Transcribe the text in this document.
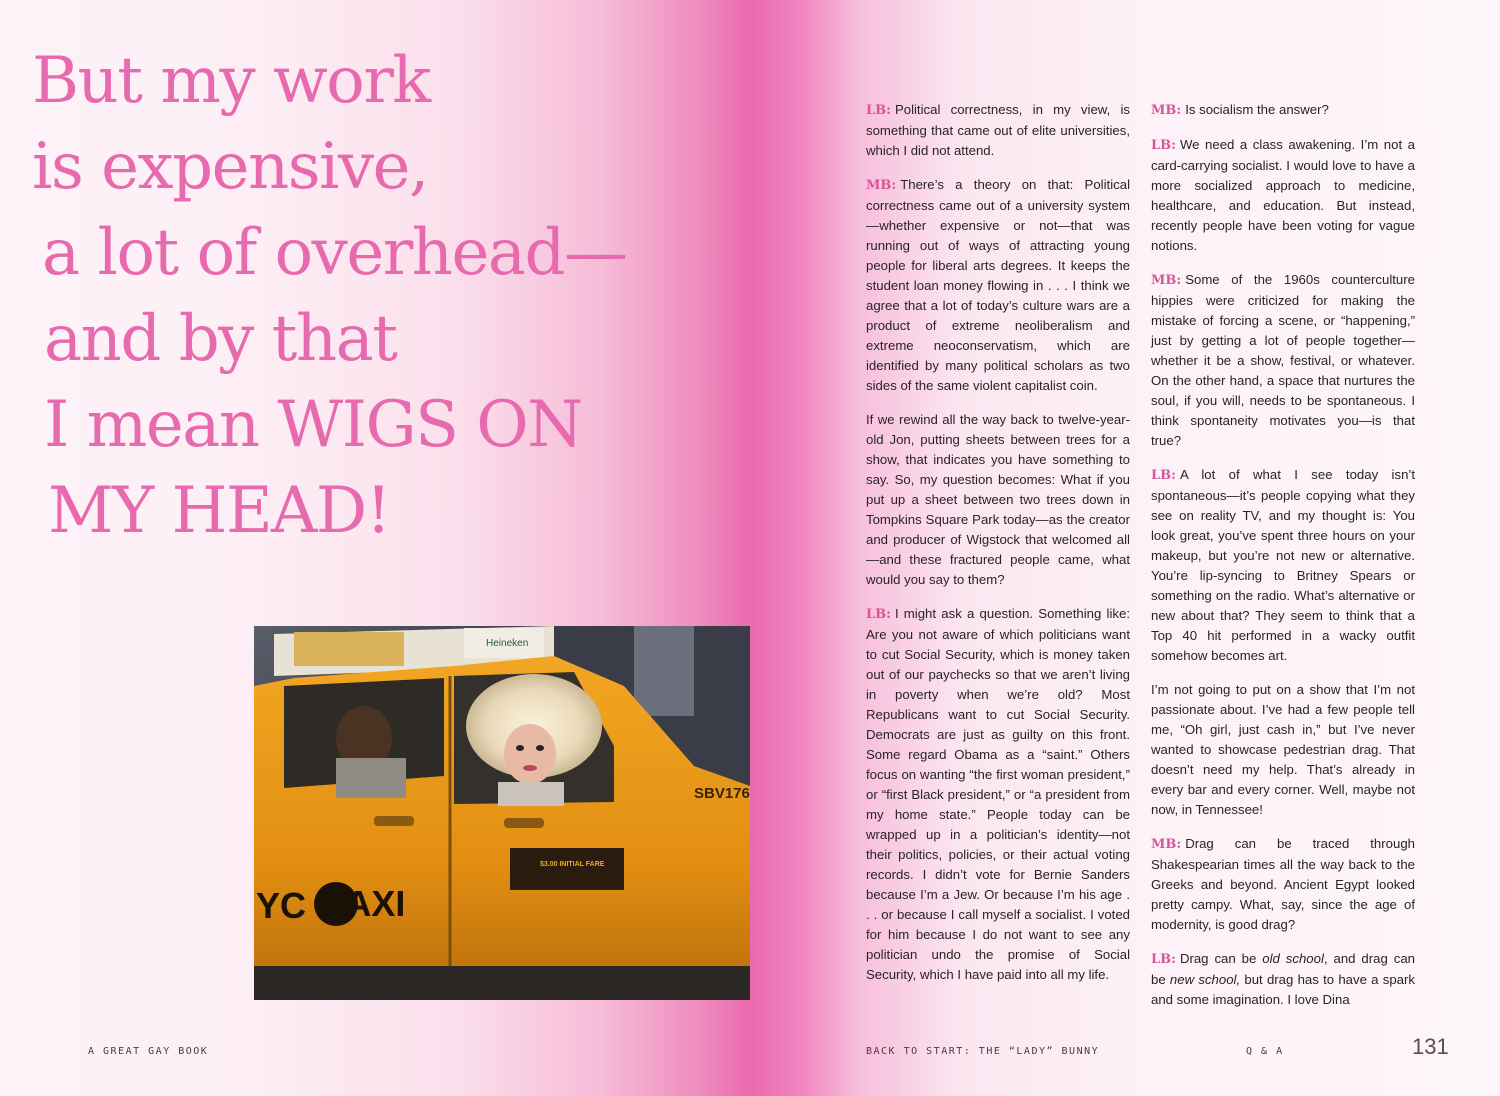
But my work
is expensive,
a lot of overhead—
and by that
I mean WIGS ON
MY HEAD!
Heineken
SBV176
$3.00 INITIAL FARE
YC TAXI

LB: Political correctness, in my view, is something that came out of elite universities, which I did not attend.

MB: There’s a theory on that: Political correctness came out of a university system—whether expensive or not—that was running out of ways of attracting young people for liberal arts degrees. It keeps the student loan money flowing in . . . I think we agree that a lot of today’s culture wars are a product of extreme neoliberalism and extreme neoconservatism, which are identified by many political scholars as two sides of the same violent capitalist coin.

If we rewind all the way back to twelve-year-old Jon, putting sheets between trees for a show, that indicates you have something to say. So, my question becomes: What if you put up a sheet between two trees down in Tompkins Square Park today—as the creator and producer of Wigstock that welcomed all—and these fractured people came, what would you say to them?

LB: I might ask a question. Something like: Are you not aware of which politicians want to cut Social Security, which is money taken out of our paychecks so that we aren’t living in poverty when we’re old? Most Republicans want to cut Social Security. Democrats are just as guilty on this front. Some regard Obama as a “saint.” Others focus on wanting “the first woman president,” or “first Black president,” or “a president from my home state.” People today can be wrapped up in a politician’s identity—not their politics, policies, or their actual voting records. I didn’t vote for Bernie Sanders because I’m a Jew. Or because I’m his age . . . or because I call myself a socialist. I voted for him because I do not want to see any politician undo the promise of Social Security, which I have paid into all my life.

MB: Is socialism the answer?

LB: We need a class awakening. I’m not a card-carrying socialist. I would love to have a more socialized approach to medicine, healthcare, and education. But instead, recently people have been voting for vague notions.

MB: Some of the 1960s counterculture hippies were criticized for making the mistake of forcing a scene, or “happening,” just by getting a lot of people together—whether it be a show, festival, or whatever. On the other hand, a space that nurtures the soul, if you will, needs to be spontaneous. I think spontaneity motivates you—is that true?

LB: A lot of what I see today isn’t spontaneous—it’s people copying what they see on reality TV, and my thought is: You look great, you’ve spent three hours on your makeup, but you’re not new or alternative. You’re lip-syncing to Britney Spears or something on the radio. What’s alternative or new about that? They seem to think that a Top 40 hit performed in a wacky outfit somehow becomes art.

I’m not going to put on a show that I’m not passionate about. I’ve had a few people tell me, “Oh girl, just cash in,” but I’ve never wanted to showcase pedestrian drag. That doesn’t need my help. That’s already in every bar and every corner. Well, maybe not now, in Tennessee!

MB: Drag can be traced through Shakespearian times all the way back to the Greeks and beyond. Ancient Egypt looked pretty campy. What, say, since the age of modernity, is good drag?

LB: Drag can be old school, and drag can be new school, but drag has to have a spark and some imagination. I love Dina

A GREAT GAY BOOK	BACK TO START: THE “LADY” BUNNY	Q & A	131
